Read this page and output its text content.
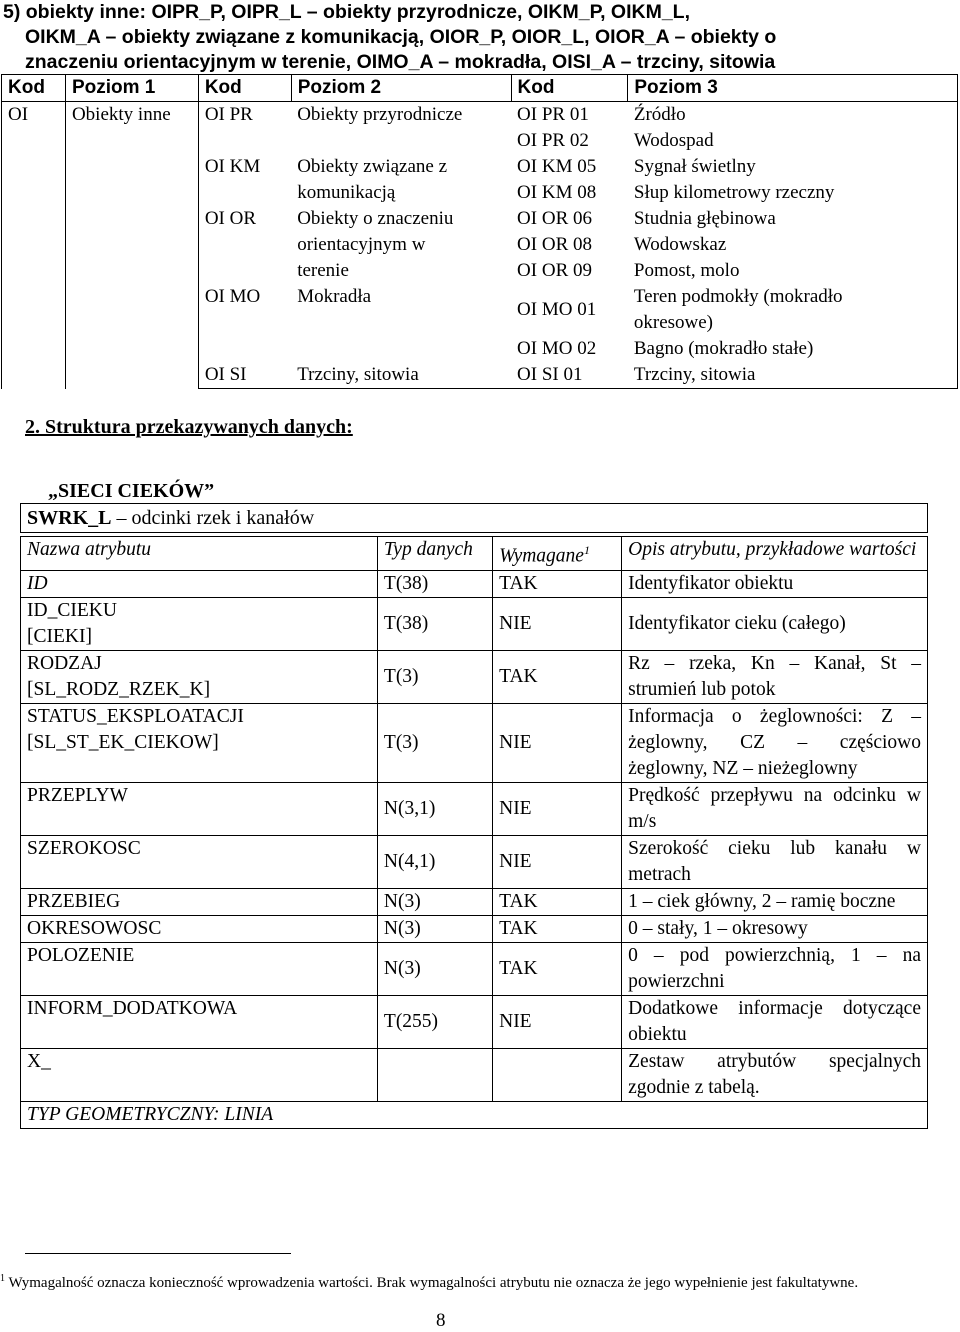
5) obiekty inne: OIPR_P, OIPR_L – obiekty przyrodnicze, OIKM_P, OIKM_L,
OIKM_A – obiekty związane z komunikacją, OIOR_P, OIOR_L, OIOR_A – obiekty o
znaczeniu orientacyjnym w terenie, OIMO_A – mokradła, OISI_A – trzciny, sitowia
Kod	Poziom 1	Kod	Poziom 2	Kod	Poziom 3
OI	Obiekty inne	OI PR	Obiekty przyrodnicze	OI PR 01	Źródło
				OI PR 02	Wodospad
		OI KM	Obiekty związane z komunikacją	OI KM 05	Sygnał świetlny
				OI KM 08	Słup kilometrowy rzeczny
		OI OR	Obiekty o znaczeniu orientacyjnym w terenie	OI OR 06	Studnia głębinowa
				OI OR 08	Wodowskaz
				OI OR 09	Pomost, molo
		OI MO	Mokradła	OI MO 01	Teren podmokły (mokradło okresowe)
				OI MO 02	Bagno (mokradło stałe)
		OI SI	Trzciny, sitowia	OI SI 01	Trzciny, sitowia
2. Struktura przekazywanych danych:
„SIECI CIEKÓW”
SWRK_L – odcinki rzek i kanałów
Nazwa atrybutu	Typ danych	Wymagane$^1$	Opis atrybutu, przykładowe wartości
ID	T(38)	TAK	Identyfikator obiektu
ID_CIEKU [CIEKI]	T(38)	NIE	Identyfikator cieku (całego)
RODZAJ [SL_RODZ_RZEK_K]	T(3)	TAK	Rz – rzeka, Kn – Kanał, St – strumień lub potok
STATUS_EKSPLOATACJI [SL_ST_EK_CIEKOW]	T(3)	NIE	Informacja o żeglowności: Z – żeglowny, CZ – częściowo żeglowny, NZ – nieżeglowny
PRZEPLYW	N(3,1)	NIE	Prędkość przepływu na odcinku w m/s
SZEROKOSC	N(4,1)	NIE	Szerokość cieku lub kanału w metrach
PRZEBIEG	N(3)	TAK	1 – ciek główny, 2 – ramię boczne
OKRESOWOSC	N(3)	TAK	0 – stały, 1 – okresowy
POLOZENIE	N(3)	TAK	0 – pod powierzchnią, 1 – na powierzchni
INFORM_DODATKOWA	T(255)	NIE	Dodatkowe informacje dotyczące obiektu
X_			Zestaw atrybutów specjalnych zgodnie z tabelą.
TYP GEOMETRYCZNY: LINIA			
$^1$ Wymagalność oznacza konieczność wprowadzenia wartości. Brak wymagalności atrybutu nie oznacza że jego wypełnienie jest fakultatywne.
8
